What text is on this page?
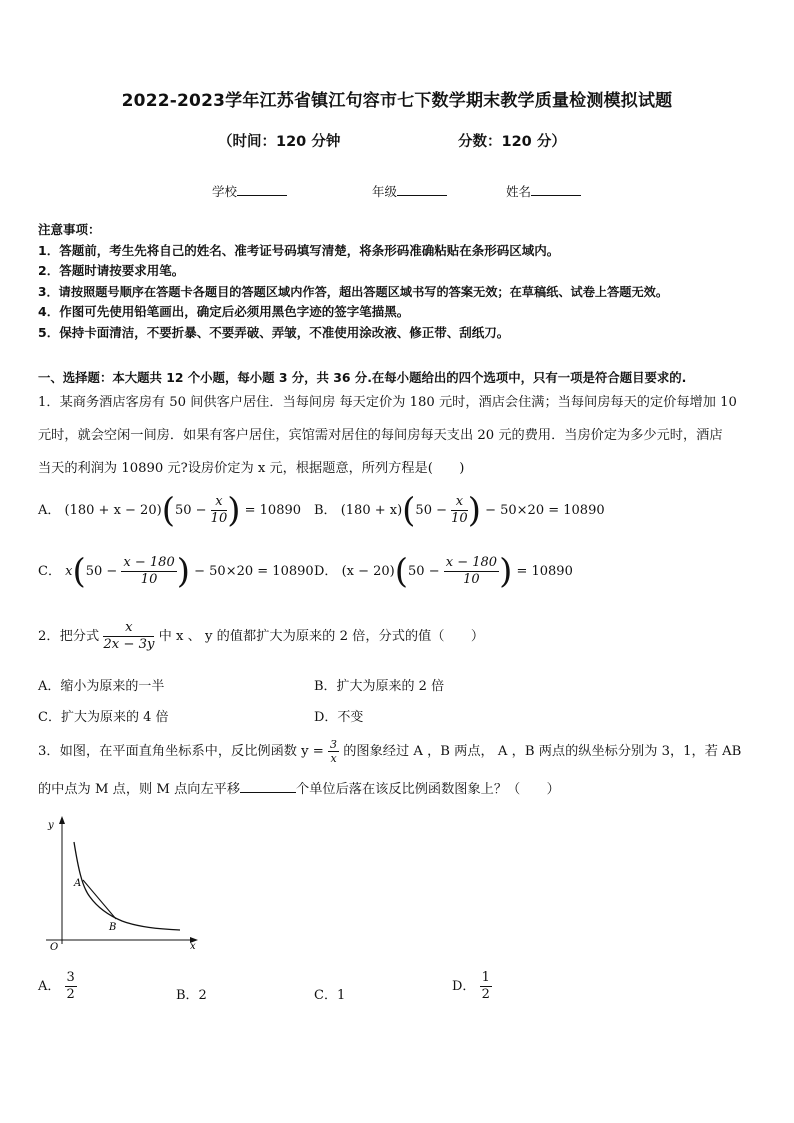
2022-2023学年江苏省镇江句容市七下数学期末教学质量检测模拟试题
（时间：120 分钟	分数：120 分）
学校	年级	姓名
注意事项：
1．答题前，考生先将自己的姓名、准考证号码填写清楚，将条形码准确粘贴在条形码区域内。
2．答题时请按要求用笔。
3．请按照题号顺序在答题卡各题目的答题区域内作答，超出答题区域书写的答案无效；在草稿纸、试卷上答题无效。
4．作图可先使用铅笔画出，确定后必须用黑色字迹的签字笔描黑。
5．保持卡面清洁，不要折暴、不要弄破、弄皱，不准使用涂改液、修正带、刮纸刀。
一、选择题：本大题共 12 个小题，每小题 3 分，共 36 分.在每小题给出的四个选项中，只有一项是符合题目要求的.
1．某商务酒店客房有 50 间供客户居住．当每间房 每天定价为 180 元时，酒店会住满；当每间房每天的定价每增加 10
元时，就会空闲一间房．如果有客户居住，宾馆需对居住的每间房每天支出 20 元的费用．当房价定为多少元时，酒店
当天的利润为 10890 元?设房价定为 x 元，根据题意，所列方程是(　　)
A． $(180 + x - 20)(50 - \frac{x}{10}$ ) = 10890 B． $(180 + x)(50 - \frac{x}{10}$ ) − 50×20 = 10890
C． $x(50 - \frac{x - 180}{10}$ ) − 50×20 = 10890 D． $(x - 20)(50 - \frac{x - 180}{10}$ ) = 10890
2．把分式 $\frac{x}{2x - 3y}$ 中 x 、 y 的值都扩大为原来的 2 倍，分式的值（　　）
A．缩小为原来的一半	B．扩大为原来的 2 倍
C．扩大为原来的 4 倍	D．不变
3．如图，在平面直角坐标系中，反比例函数 $y = \frac{3}{x}$ 的图象经过 A ，B 两点， A ，B 两点的纵坐标分别为 3，1，若 AB
的中点为 M 点，则 M 点向左平移	个单位后落在该反比例函数图象上？（　　）
y
x
O
A
B
A． $\frac{3}{2}$	B．2	C．1
D． $\frac{1}{2}$
